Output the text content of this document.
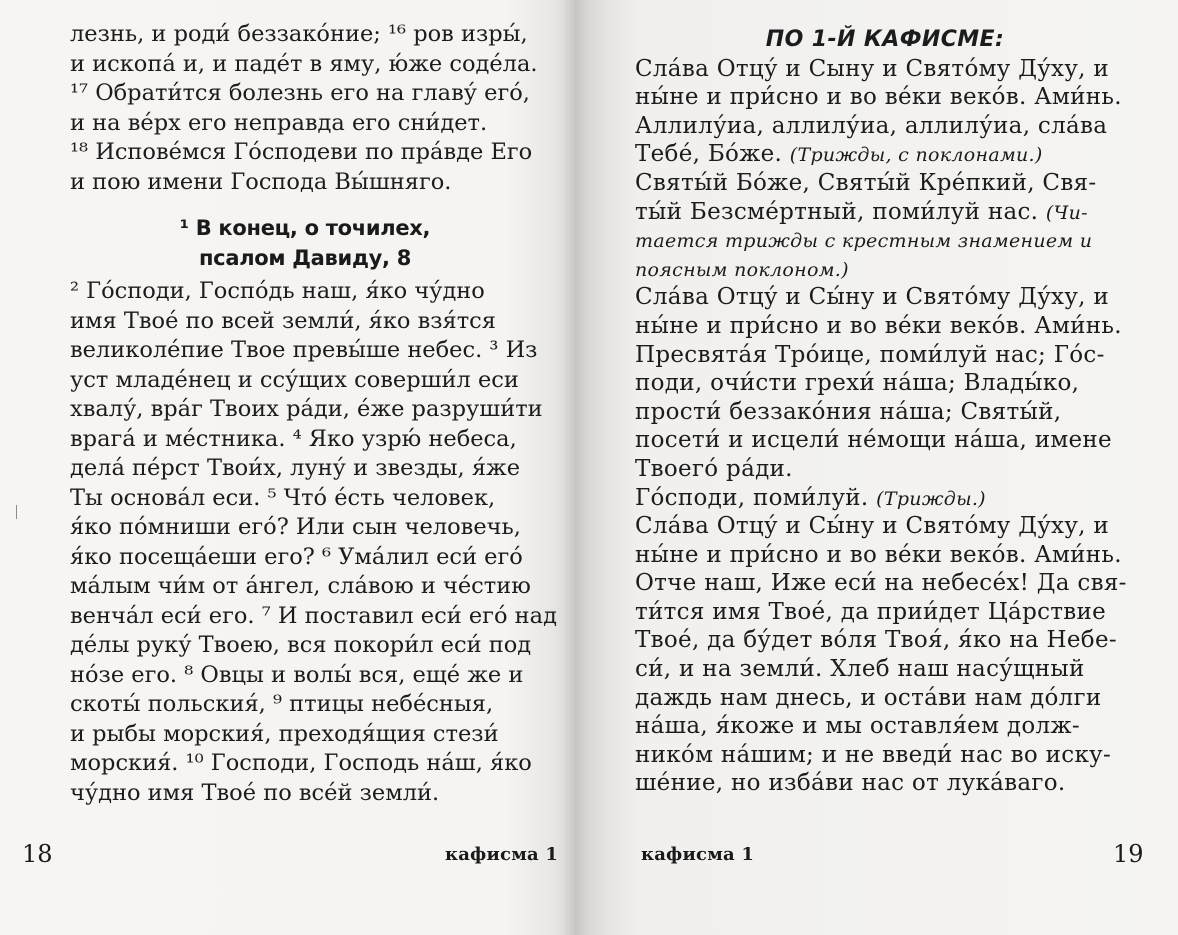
лезнь, и роди́ беззако́ние; ¹⁶ ров изры́,
и ископа́ и, и паде́т в яму, ю́же соде́ла.
¹⁷ Обрати́тся болезнь его на главу́ его́,
и на ве́рх его неправда его сни́дет.
¹⁸ Испове́мся Го́сподеви по пра́вде Его
и пою имени Господа Вы́шняго.
¹ В конец, о точилех,
псалом Давиду, 8
² Го́споди, Госпо́дь наш, я́ко чу́дно
имя Твое́ по всей земли́, я́ко взя́тся
великоле́пие Твое превы́ше небес. ³ Из
уст младе́нец и ссу́щих соверши́л еси
хвалу́, вра́г Твоих ра́ди, е́же разруши́ти
врага́ и ме́стника. ⁴ Яко узрю́ небеса,
дела́ пе́рст Твои́х, луну́ и звезды, я́же
Ты основа́л еси. ⁵ Что́ е́сть человек,
я́ко по́мниши его́? Или сын человечь,
я́ко посеща́еши его? ⁶ Ума́лил еси́ его́
ма́лым чи́м от а́нгел, сла́вою и че́стию
венча́л еси́ его. ⁷ И поставил еси́ его́ над
де́лы руку́ Твоею, вся покори́л еси́ под
но́зе его. ⁸ Овцы и волы́ вся, еще́ же и
скоты́ польския́, ⁹ птицы небе́сныя,
и рыбы морския́, преходя́щия стези́
морския́. ¹⁰ Господи, Господь на́ш, я́ко
чу́дно имя Твое́ по все́й земли́.
18	кафисма 1
ПО 1-Й КАФИСМЕ:
Сла́ва Отцу́ и Сыну и Свято́му Ду́ху, и
ны́не и при́сно и во ве́ки веко́в. Ами́нь.
Аллилу́иа, аллилу́иа, аллилу́иа, сла́ва
Тебе́, Бо́же. (Трижды, с поклонами.)
Святы́й Бо́же, Святы́й Кре́пкий, Свя-
ты́й Безсме́ртный, поми́луй нас. (Чи-
тается трижды с крестным знамением и
поясным поклоном.)
Сла́ва Отцу́ и Сы́ну и Свято́му Ду́ху, и
ны́не и при́сно и во ве́ки веко́в. Ами́нь.
Пресвята́я Тро́ице, поми́луй нас; Го́с-
поди, очи́сти грехи́ на́ша; Влады́ко,
прости́ беззако́ния на́ша; Святы́й,
посети́ и исцели́ не́мощи на́ша, имене
Твоего́ ра́ди.
Го́споди, поми́луй. (Трижды.)
Сла́ва Отцу́ и Сы́ну и Свято́му Ду́ху, и
ны́не и при́сно и во ве́ки веко́в. Ами́нь.
Отче наш, Иже еси́ на небесе́х! Да свя-
ти́тся имя Твое́, да прии́дет Ца́рствие
Твое́, да бу́дет во́ля Твоя́, я́ко на Небе-
си́, и на земли́. Хлеб наш насу́щный
даждь нам днесь, и оста́ви нам до́лги
на́ша, я́коже и мы оставля́ем долж-
нико́м на́шим; и не введи́ нас во иску-
ше́ние, но изба́ви нас от лука́ваго.
кафисма 1	19
